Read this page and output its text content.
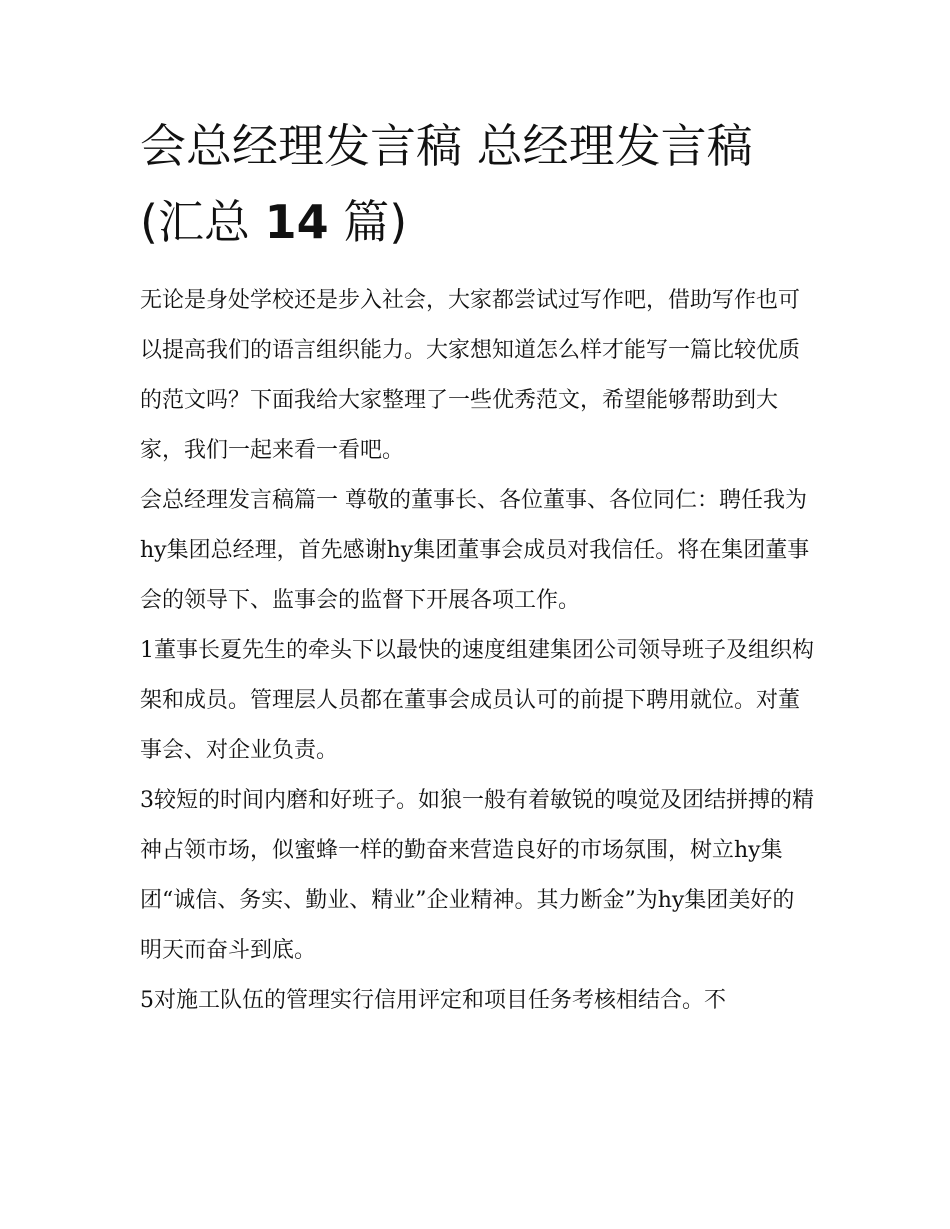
会总经理发言稿 总经理发言稿
(汇总 14 篇)

无论是身处学校还是步入社会，大家都尝试过写作吧，借助写作也可以提高我们的语言组织能力。大家想知道怎么样才能写一篇比较优质的范文吗？下面我给大家整理了一些优秀范文，希望能够帮助到大家，我们一起来看一看吧。

会总经理发言稿篇一 尊敬的董事长、各位董事、各位同仁：聘任我为hy集团总经理，首先感谢hy集团董事会成员对我信任。将在集团董事会的领导下、监事会的监督下开展各项工作。

1董事长夏先生的牵头下以最快的速度组建集团公司领导班子及组织构架和成员。管理层人员都在董事会成员认可的前提下聘用就位。对董事会、对企业负责。

3较短的时间内磨和好班子。如狼一般有着敏锐的嗅觉及团结拼搏的精神占领市场，似蜜蜂一样的勤奋来营造良好的市场氛围，树立hy集团“诚信、务实、勤业、精业”企业精神。其力断金”为hy集团美好的明天而奋斗到底。

5对施工队伍的管理实行信用评定和项目任务考核相结合。不
